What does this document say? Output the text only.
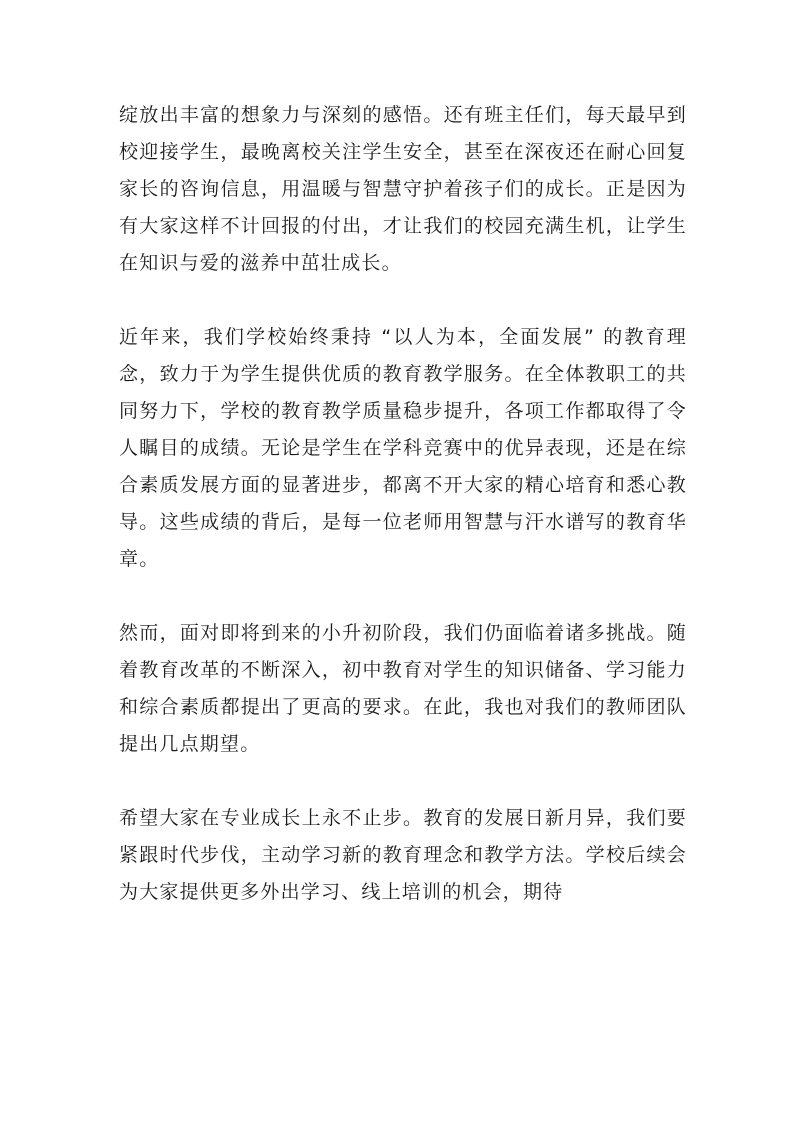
绽放出丰富的想象力与深刻的感悟。还有班主任们，每天最早到校迎接学生，最晚离校关注学生安全，甚至在深夜还在耐心回复家长的咨询信息，用温暖与智慧守护着孩子们的成长。正是因为有大家这样不计回报的付出，才让我们的校园充满生机，让学生在知识与爱的滋养中茁壮成长。

近年来，我们学校始终秉持 “以人为本，全面发展” 的教育理念，致力于为学生提供优质的教育教学服务。在全体教职工的共同努力下，学校的教育教学质量稳步提升，各项工作都取得了令人瞩目的成绩。无论是学生在学科竞赛中的优异表现，还是在综合素质发展方面的显著进步，都离不开大家的精心培育和悉心教导。这些成绩的背后，是每一位老师用智慧与汗水谱写的教育华章。

然而，面对即将到来的小升初阶段，我们仍面临着诸多挑战。随着教育改革的不断深入，初中教育对学生的知识储备、学习能力和综合素质都提出了更高的要求。在此，我也对我们的教师团队提出几点期望。

希望大家在专业成长上永不止步。教育的发展日新月异，我们要紧跟时代步伐，主动学习新的教育理念和教学方法。学校后续会为大家提供更多外出学习、线上培训的机会，期待
